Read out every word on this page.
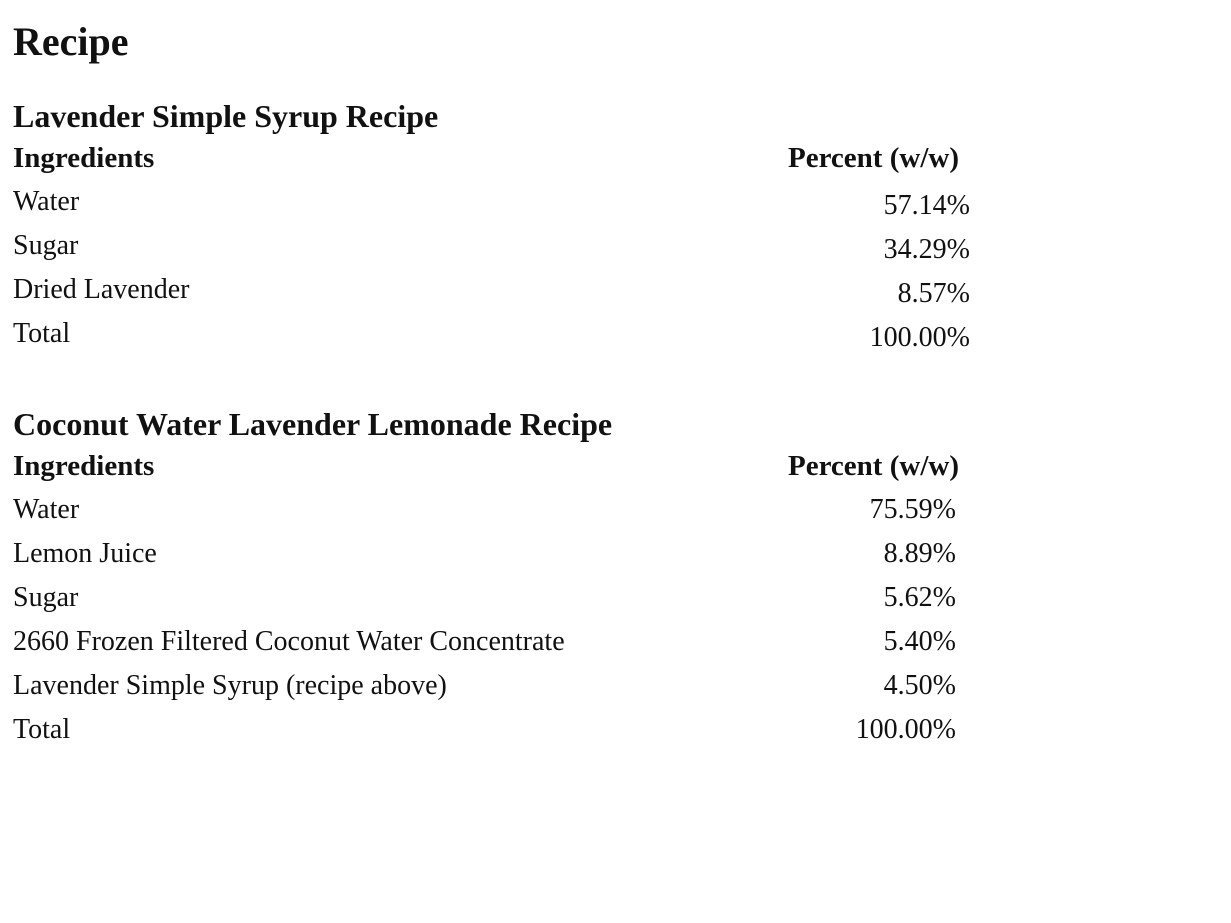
Recipe
Lavender Simple Syrup Recipe
Ingredients	Percent (w/w)
Water	57.14%
Sugar	34.29%
Dried Lavender	8.57%
Total	100.00%
Coconut Water Lavender Lemonade Recipe
Ingredients	Percent (w/w)
Water	75.59%
Lemon Juice	8.89%
Sugar	5.62%
2660 Frozen Filtered Coconut Water Concentrate	5.40%
Lavender Simple Syrup (recipe above)	4.50%
Total	100.00%
